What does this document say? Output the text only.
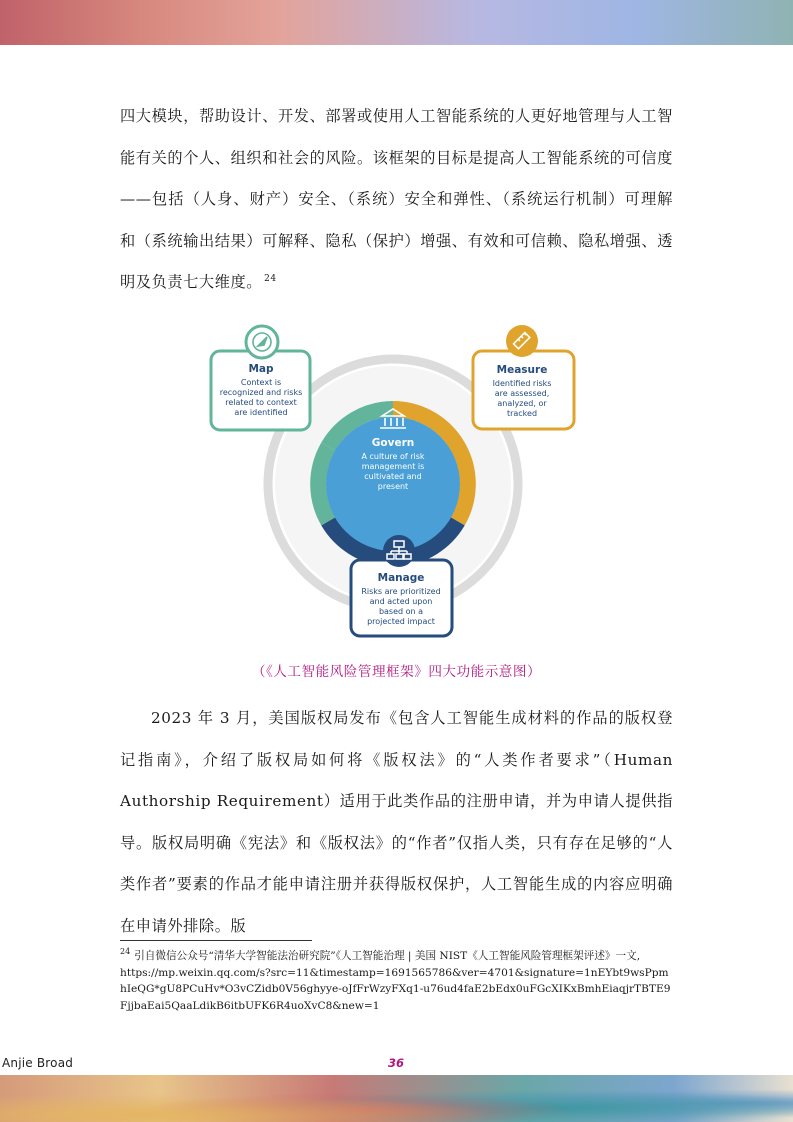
四大模块，帮助设计、开发、部署或使用人工智能系统的人更好地管理与人工智能有关的个人、组织和社会的风险。该框架的目标是提高人工智能系统的可信度——包括（人身、财产）安全、（系统）安全和弹性、（系统运行机制）可理解和（系统输出结果）可解释、隐私（保护）增强、有效和可信赖、隐私增强、透明及负责七大维度。 $^{24}$

Govern
A culture of risk
management is
cultivated and
present
Map
Context is
recognized and risks
related to context
are identified
Measure
Identified risks
are assessed,
analyzed, or
tracked
Manage
Risks are prioritized
and acted upon
based on a
projected impact

（《人工智能风险管理框架》四大功能示意图）

2023 年 3 月，美国版权局发布《包含人工智能生成材料的作品的版权登记指南》，介绍了版权局如何将《版权法》的“人类作者要求”（Human Authorship Requirement）适用于此类作品的注册申请，并为申请人提供指导。版权局明确《宪法》和《版权法》的“作者”仅指人类，只有存在足够的“人类作者”要素的作品才能申请注册并获得版权保护，人工智能生成的内容应明确在申请外排除。版

$^{24}$ 引自微信公众号“清华大学智能法治研究院”《人工智能治理 | 美国 NIST《人工智能风险管理框架评述》一文,
https://mp.weixin.qq.com/s?src=11&timestamp=1691565786&ver=4701&signature=1nEYbt9wsPpmhIeQG*gU8PCuHv*O3vCZidb0V56ghyye-oJfFrWzyFXq1-u76ud4faE2bEdx0uFGcXIKxBmhEiaqjrTBTE9FjjbaEai5QaaLdikB6itbUFK6R4uoXvC8&new=1
Anjie Broad	36
